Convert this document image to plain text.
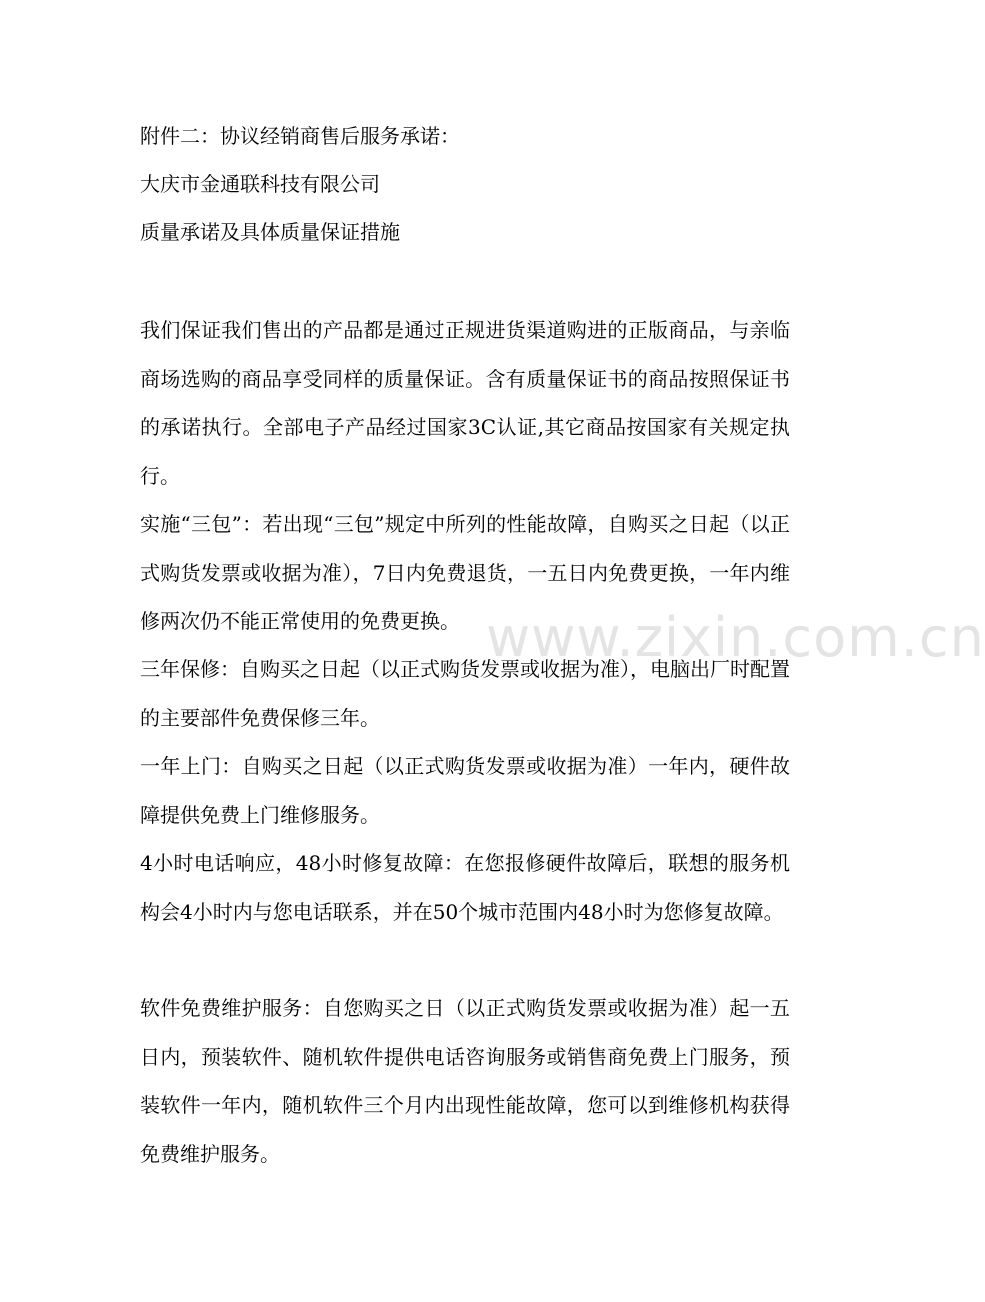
附件二：协议经销商售后服务承诺：
大庆市金通联科技有限公司
质量承诺及具体质量保证措施
我们保证我们售出的产品都是通过正规进货渠道购进的正版商品，与亲临商场选购的商品享受同样的质量保证。含有质量保证书的商品按照保证书的承诺执行。全部电子产品经过国家3C认证,其它商品按国家有关规定执行。
实施“三包”：若出现“三包”规定中所列的性能故障，自购买之日起（以正式购货发票或收据为准），7日内免费退货，一五日内免费更换，一年内维修两次仍不能正常使用的免费更换。
三年保修：自购买之日起（以正式购货发票或收据为准），电脑出厂时配置的主要部件免费保修三年。
一年上门：自购买之日起（以正式购货发票或收据为准）一年内，硬件故障提供免费上门维修服务。
4小时电话响应，48小时修复故障：在您报修硬件故障后，联想的服务机构会4小时内与您电话联系，并在50个城市范围内48小时为您修复故障。
软件免费维护服务：自您购买之日（以正式购货发票或收据为准）起一五日内，预装软件、随机软件提供电话咨询服务或销售商免费上门服务，预装软件一年内，随机软件三个月内出现性能故障，您可以到维修机构获得免费维护服务。
www.zixin.com.cn
